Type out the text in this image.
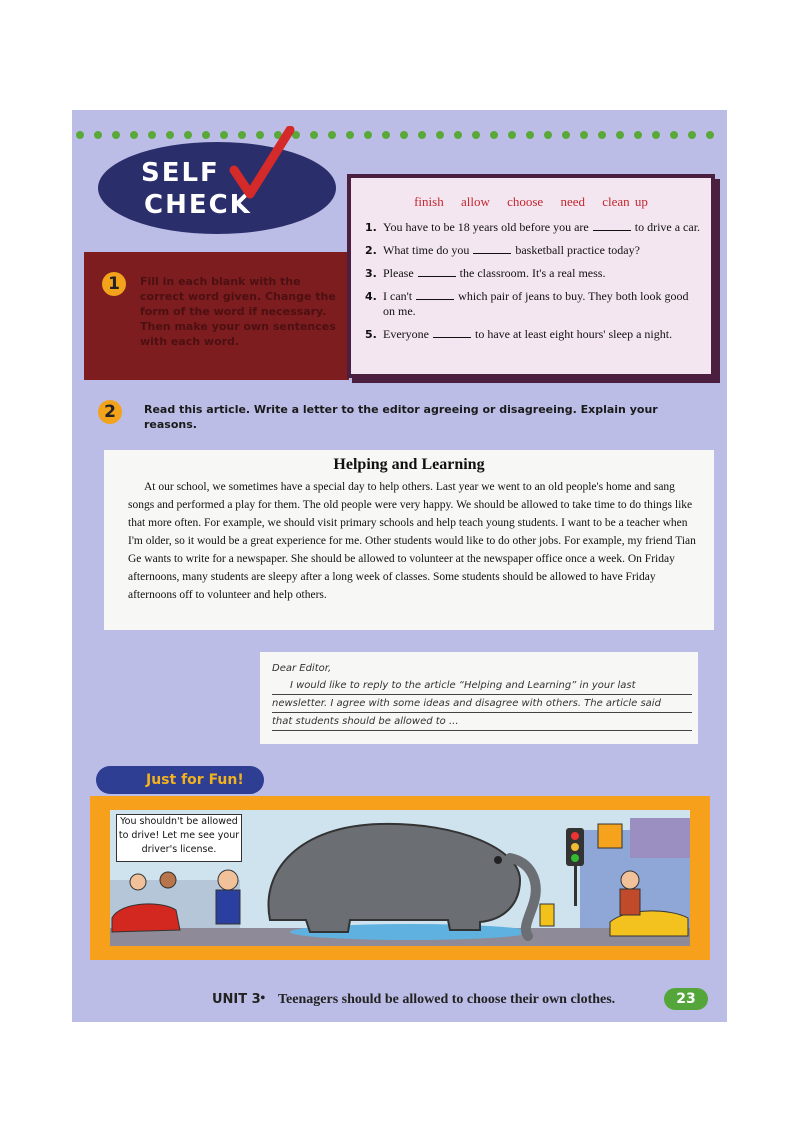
SELF
CHECK
1	Fill in each blank with the correct word given. Change the form of the word if necessary. Then make your own sentences with each word.
finish allow choose need clean up
1. You have to be 18 years old before you are	to drive a car.
2. What time do you	basketball practice today?
3. Please	the classroom. It's a real mess.
4. I can't	which pair of jeans to buy. They both look good on me.
5. Everyone	to have at least eight hours' sleep a night.
2	Read this article. Write a letter to the editor agreeing or disagreeing. Explain your reasons.
Helping and Learning
At our school, we sometimes have a special day to help others. Last year we went to an old people's home and sang songs and performed a play for them. The old people were very happy. We should be allowed to take time to do things like that more often. For example, we should visit primary schools and help teach young students. I want to be a teacher when I'm older, so it would be a great experience for me. Other students would like to do other jobs. For example, my friend Tian Ge wants to write for a newspaper. She should be allowed to volunteer at the newspaper office once a week. On Friday afternoons, many students are sleepy after a long week of classes. Some students should be allowed to have Friday afternoons off to volunteer and help others.
Dear Editor,
I would like to reply to the article “Helping and Learning” in your last
newsletter. I agree with some ideas and disagree with others. The article said
that students should be allowed to ...
Just for Fun!
You shouldn't be allowed to drive! Let me see your driver's license.
UNIT 3 • Teenagers should be allowed to choose their own clothes.	23
